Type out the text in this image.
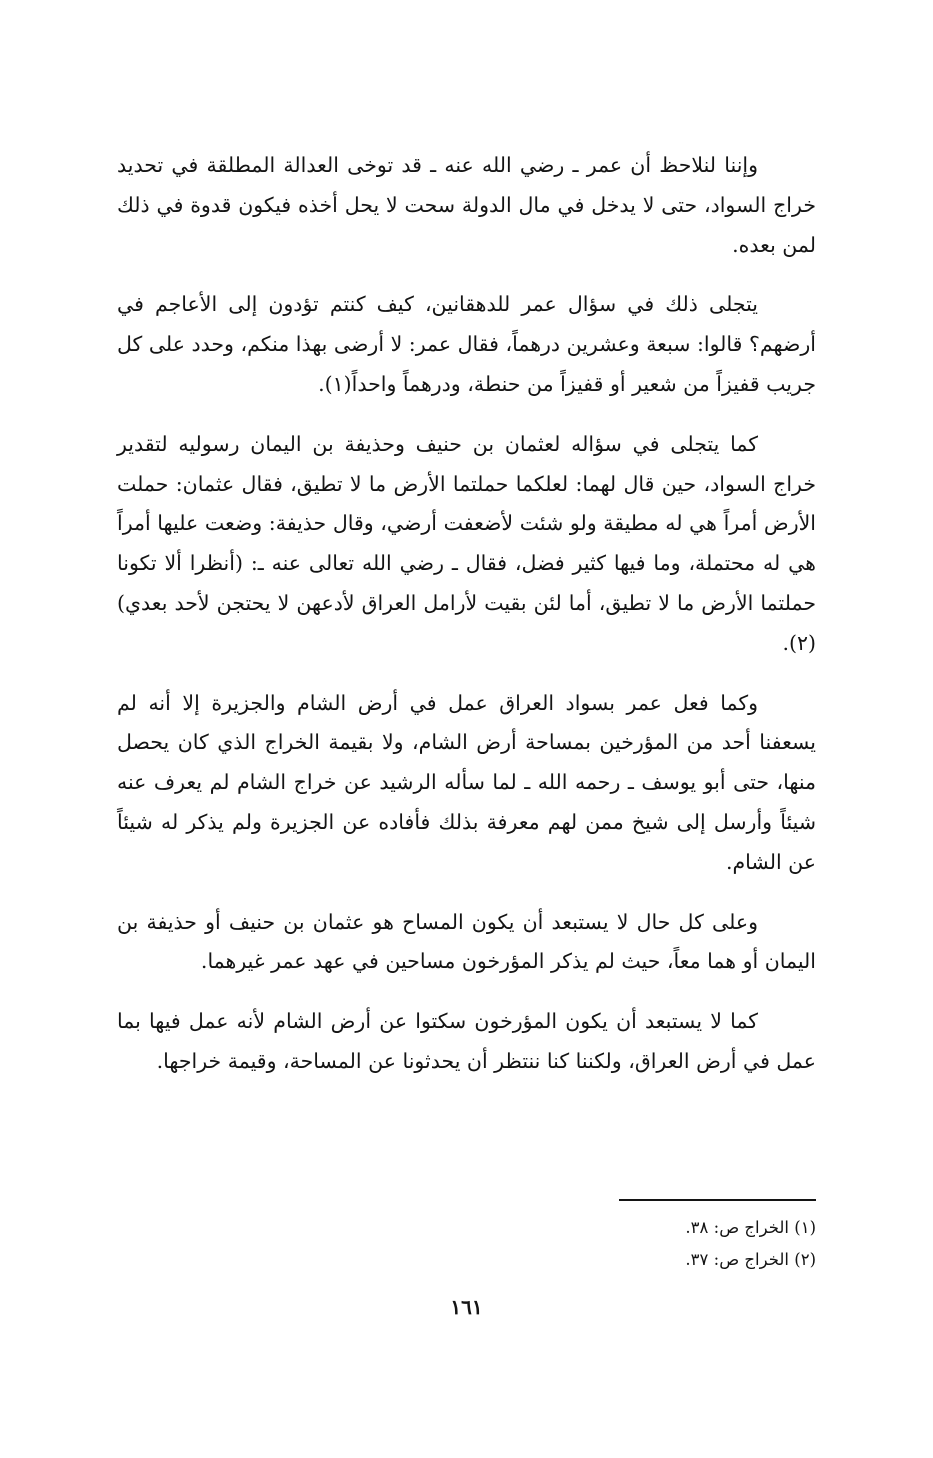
وإننا لنلاحظ أن عمر ـ رضي الله عنه ـ قد توخى العدالة المطلقة في تحديد خراج السواد، حتى لا يدخل في مال الدولة سحت لا يحل أخذه فيكون قدوة في ذلك لمن بعده.

يتجلى ذلك في سؤال عمر للدهقانين، كيف كنتم تؤدون إلى الأعاجم في أرضهم؟ قالوا: سبعة وعشرين درهماً، فقال عمر: لا أرضى بهذا منكم، وحدد على كل جريب قفيزاً من شعير أو قفيزاً من حنطة، ودرهماً واحداً(١).

كما يتجلى في سؤاله لعثمان بن حنيف وحذيفة بن اليمان رسوليه لتقدير خراج السواد، حين قال لهما: لعلكما حملتما الأرض ما لا تطيق، فقال عثمان: حملت الأرض أمراً هي له مطيقة ولو شئت لأضعفت أرضي، وقال حذيفة: وضعت عليها أمراً هي له محتملة، وما فيها كثير فضل، فقال ـ رضي الله تعالى عنه ـ: (أنظرا ألا تكونا حملتما الأرض ما لا تطيق، أما لئن بقيت لأرامل العراق لأدعهن لا يحتجن لأحد بعدي)(٢).

وكما فعل عمر بسواد العراق عمل في أرض الشام والجزيرة إلا أنه لم يسعفنا أحد من المؤرخين بمساحة أرض الشام، ولا بقيمة الخراج الذي كان يحصل منها، حتى أبو يوسف ـ رحمه الله ـ لما سأله الرشيد عن خراج الشام لم يعرف عنه شيئاً وأرسل إلى شيخ ممن لهم معرفة بذلك فأفاده عن الجزيرة ولم يذكر له شيئاً عن الشام.

وعلى كل حال لا يستبعد أن يكون المساح هو عثمان بن حنيف أو حذيفة بن اليمان أو هما معاً، حيث لم يذكر المؤرخون مساحين في عهد عمر غيرهما.

كما لا يستبعد أن يكون المؤرخون سكتوا عن أرض الشام لأنه عمل فيها بما عمل في أرض العراق، ولكننا كنا ننتظر أن يحدثونا عن المساحة، وقيمة خراجها.

(١) الخراج ص: ٣٨.

(٢) الخراج ص: ٣٧.

١٦١
